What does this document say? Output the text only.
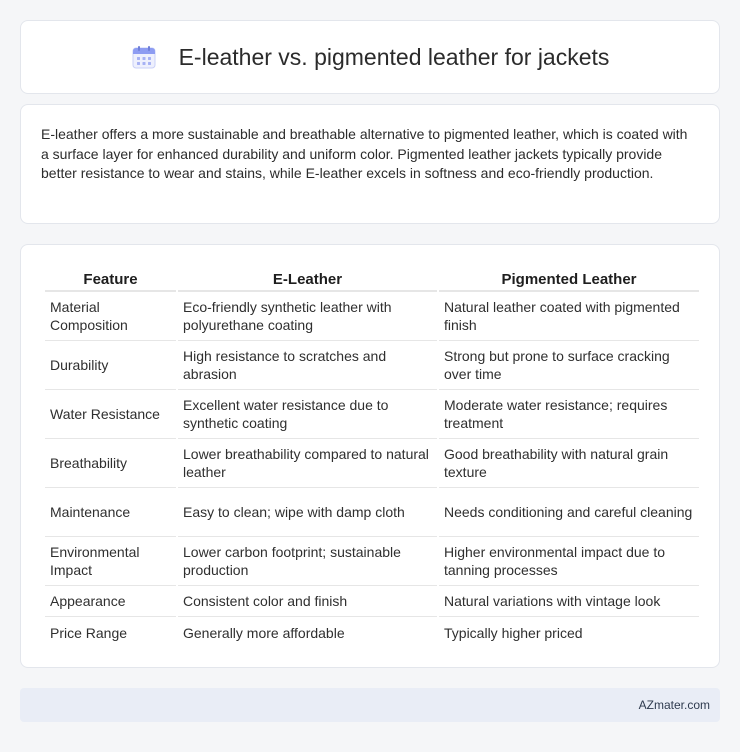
E-leather vs. pigmented leather for jackets

E-leather offers a more sustainable and breathable alternative to pigmented leather, which is coated with a surface layer for enhanced durability and uniform color. Pigmented leather jackets typically provide better resistance to wear and stains, while E-leather excels in softness and eco-friendly production.

Feature	E-Leather	Pigmented Leather
Material Composition	Eco-friendly synthetic leather with polyurethane coating	Natural leather coated with pigmented finish
Durability	High resistance to scratches and abrasion	Strong but prone to surface cracking over time
Water Resistance	Excellent water resistance due to synthetic coating	Moderate water resistance; requires treatment
Breathability	Lower breathability compared to natural leather	Good breathability with natural grain texture
Maintenance	Easy to clean; wipe with damp cloth	Needs conditioning and careful cleaning
Environmental Impact	Lower carbon footprint; sustainable production	Higher environmental impact due to tanning processes
Appearance	Consistent color and finish	Natural variations with vintage look
Price Range	Generally more affordable	Typically higher priced
AZmater.com
